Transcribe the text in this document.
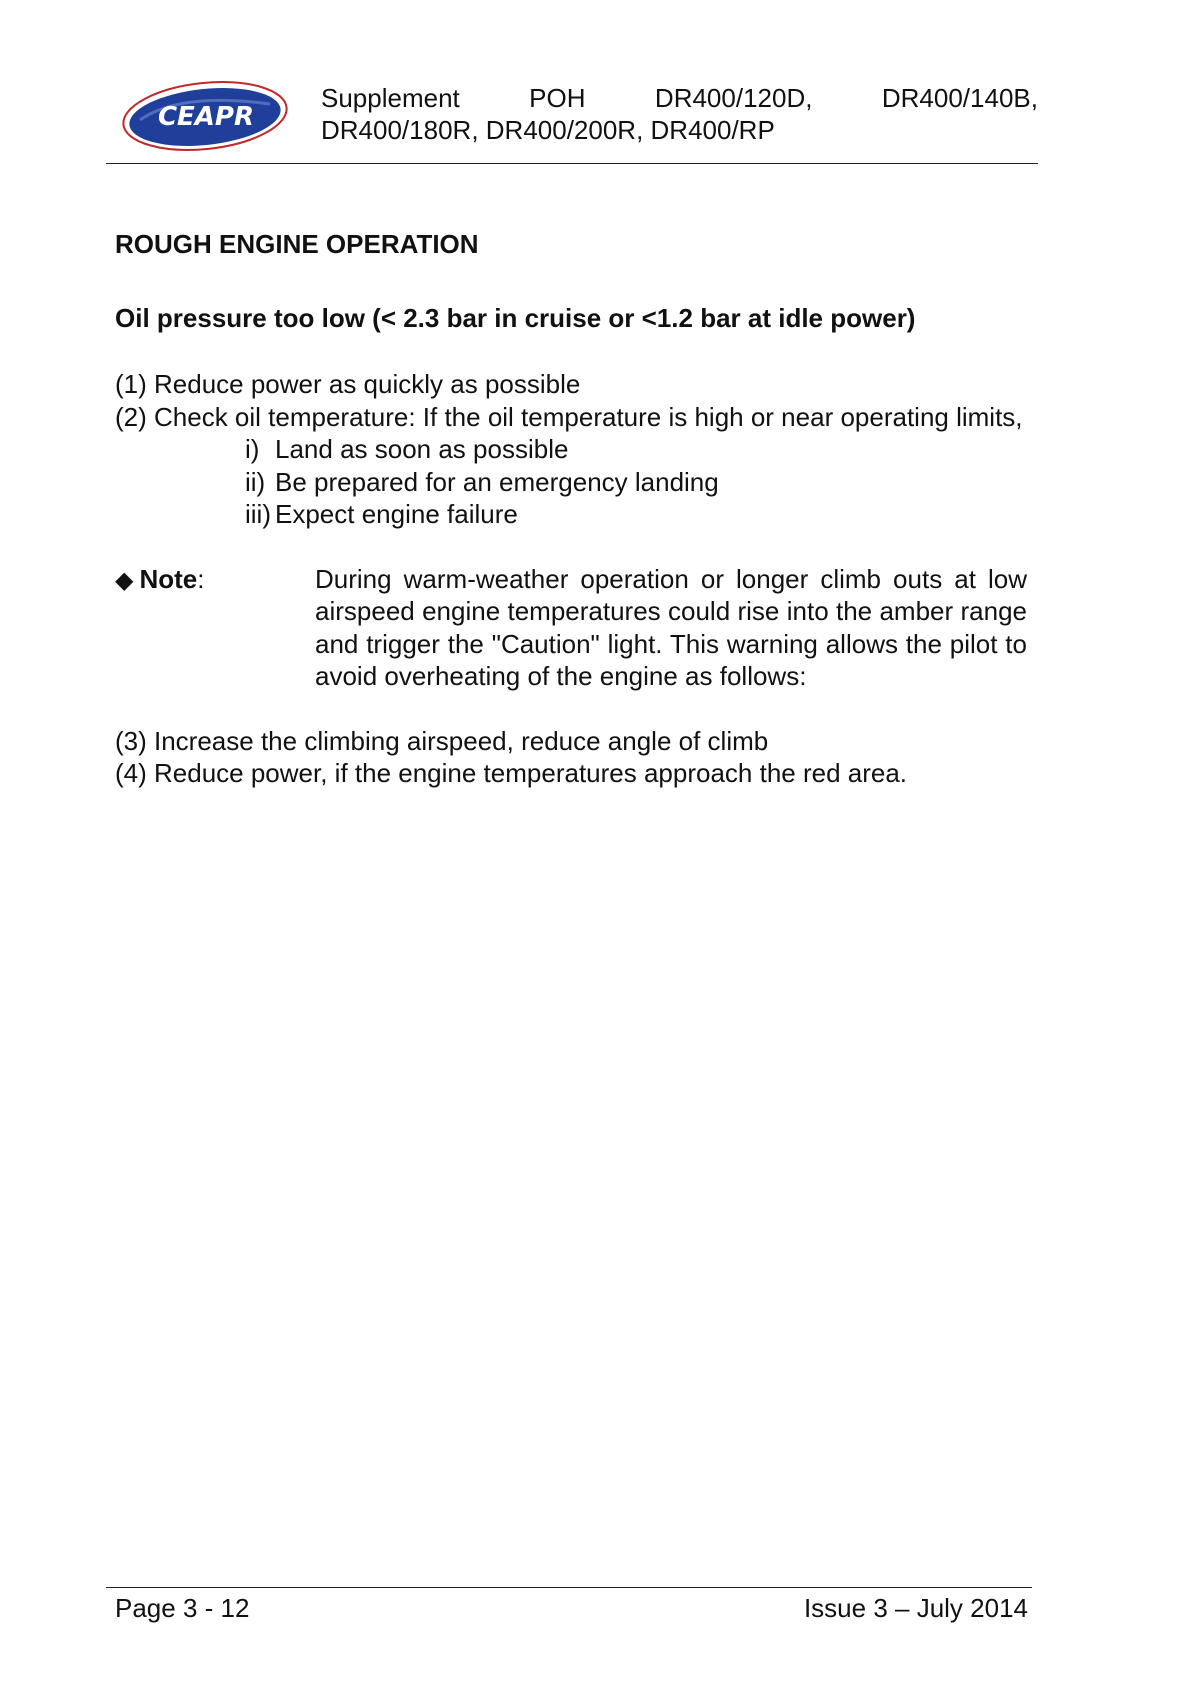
CEAPR
Supplement	POH	DR400/120D,	DR400/140B,
DR400/180R, DR400/200R, DR400/RP
ROUGH ENGINE OPERATION
Oil pressure too low (< 2.3 bar in cruise or <1.2 bar at idle power)
(1) Reduce power as quickly as possible
(2) Check oil temperature: If the oil temperature is high or near operating limits,
i) Land as soon as possible
ii) Be prepared for an emergency landing
iii) Expect engine failure
◆ Note:	During warm-weather operation or longer climb outs at low airspeed engine temperatures could rise into the amber range and trigger the "Caution" light. This warning allows the pilot to avoid overheating of the engine as follows:
(3) Increase the climbing airspeed, reduce angle of climb
(4) Reduce power, if the engine temperatures approach the red area.
Page 3 - 12	Issue 3 – July 2014
